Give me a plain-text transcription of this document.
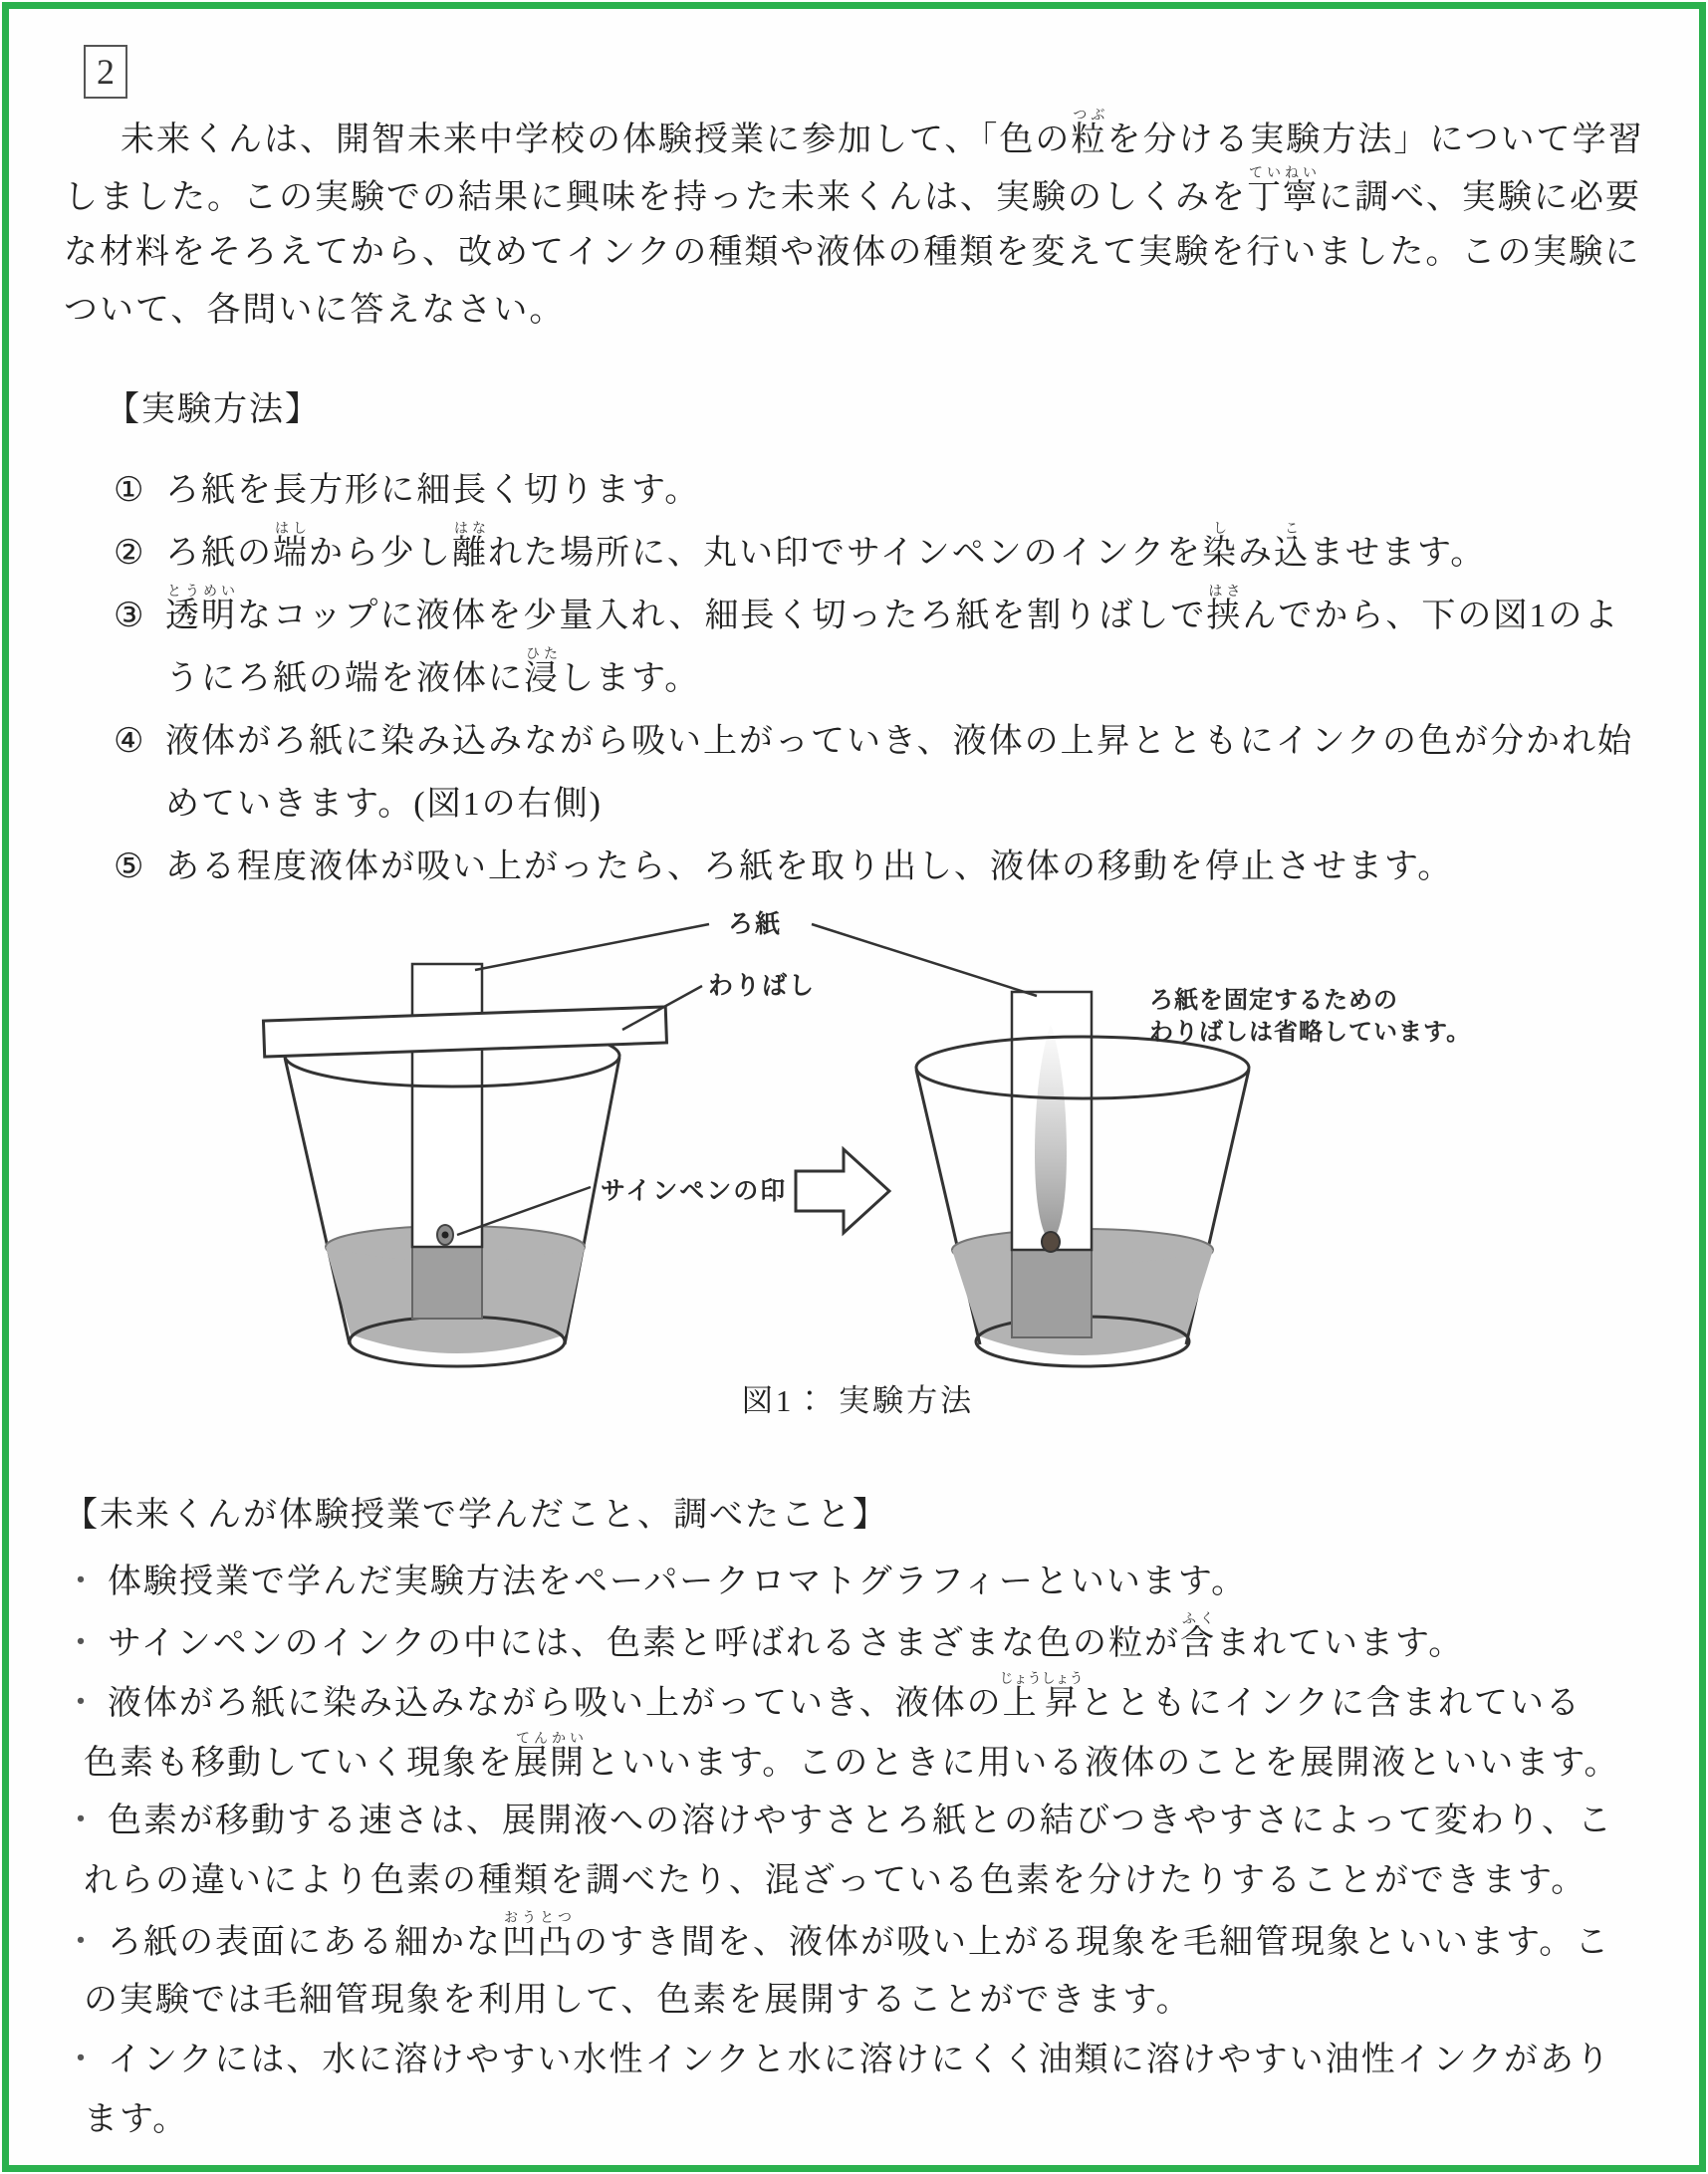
2
未来くんは、開智未来中学校の体験授業に参加して、「色の粒つぶを分ける実験方法」について学習
しました。この実験での結果に興味を持った未来くんは、実験のしくみを丁寧ていねいに調べ、実験に必要
な材料をそろえてから、改めてインクの種類や液体の種類を変えて実験を行いました。この実験に
ついて、各問いに答えなさい。
【実験方法】
① ろ紙を長方形に細長く切ります。
② ろ紙の端はしから少し離はなれた場所に、丸い印でサインペンのインクを染しみ込こませます。
③ 透明とうめいなコップに液体を少量入れ、細長く切ったろ紙を割りばしで挟はさんでから、下の図1のよ
うにろ紙の端を液体に浸ひたします。
④ 液体がろ紙に染み込みながら吸い上がっていき、液体の上昇とともにインクの色が分かれ始
めていきます。(図1の右側)
⑤ ある程度液体が吸い上がったら、ろ紙を取り出し、液体の移動を停止させます。
ろ紙
わりばし
サインペンの印
ろ紙を固定するための
わりばしは省略しています。
図1： 実験方法
【未来くんが体験授業で学んだこと、調べたこと】
・ 体験授業で学んだ実験方法をペーパークロマトグラフィーといいます。
・ サインペンのインクの中には、色素と呼ばれるさまざまな色の粒が含ふくまれています。
・ 液体がろ紙に染み込みながら吸い上がっていき、液体の上昇じょうしょうとともにインクに含まれている
色素も移動していく現象を展開てんかいといいます。このときに用いる液体のことを展開液といいます。
・ 色素が移動する速さは、展開液への溶けやすさとろ紙との結びつきやすさによって変わり、こ
れらの違いにより色素の種類を調べたり、混ざっている色素を分けたりすることができます。
・ ろ紙の表面にある細かな凹凸おうとつのすき間を、液体が吸い上がる現象を毛細管現象といいます。こ
の実験では毛細管現象を利用して、色素を展開することができます。
・ インクには、水に溶けやすい水性インクと水に溶けにくく油類に溶けやすい油性インクがあり
ます。
